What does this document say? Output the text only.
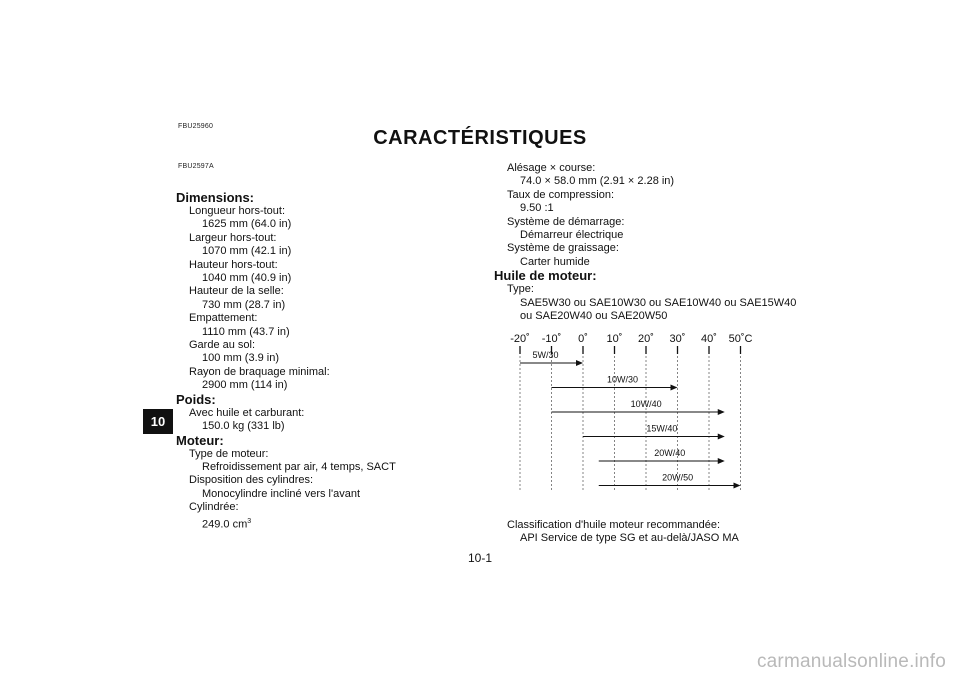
FBU25960
CARACTÉRISTIQUES
FBU2597A
10
Dimensions:
Longueur hors-tout:
1625 mm (64.0 in)
Largeur hors-tout:
1070 mm (42.1 in)
Hauteur hors-tout:
1040 mm (40.9 in)
Hauteur de la selle:
730 mm (28.7 in)
Empattement:
1110 mm (43.7 in)
Garde au sol:
100 mm (3.9 in)
Rayon de braquage minimal:
2900 mm (114 in)
Poids:
Avec huile et carburant:
150.0 kg (331 lb)
Moteur:
Type de moteur:
Refroidissement par air, 4 temps, SACT
Disposition des cylindres:
Monocylindre incliné vers l'avant
Cylindrée:
249.0 $cm^3$
Alésage × course:
74.0 × 58.0 mm (2.91 × 2.28 in)
Taux de compression:
9.50 :1
Système de démarrage:
Démarreur électrique
Système de graissage:
Carter humide
Huile de moteur:
Type:
SAE5W30 ou SAE10W30 ou SAE10W40 ou SAE15W40
ou SAE20W40 ou SAE20W50
-20˚ -10˚ 0˚ 10˚ 20˚ 30˚ 40˚ 50˚C
5W/30
10W/30
10W/40
15W/40
20W/40
20W/50
Classification d'huile moteur recommandée:
API Service de type SG et au-delà/JASO MA
10-1
carmanualsonline.info
